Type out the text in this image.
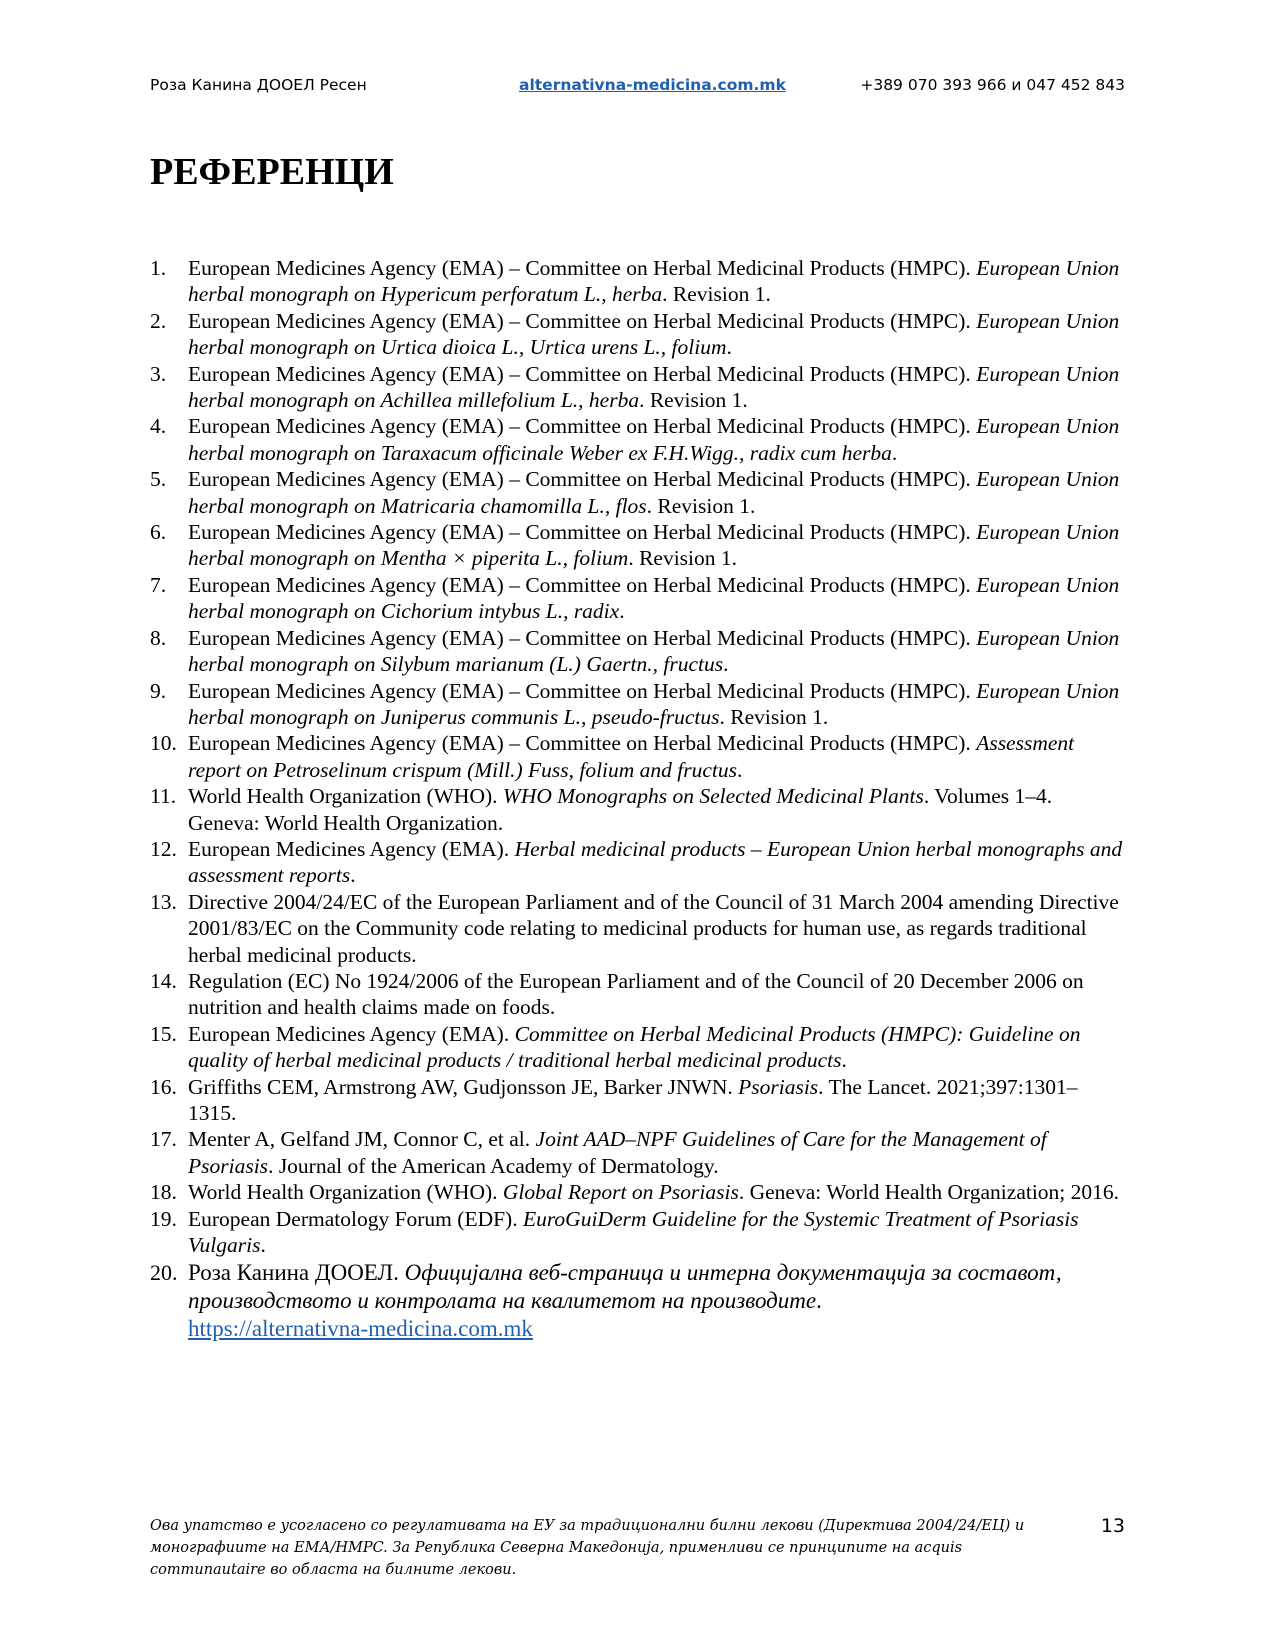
Роза Канина ДООЕЛ Ресен	alternativna-medicina.com.mk	+389 070 393 966 и 047 452 843
РЕФЕРЕНЦИ
1. European Medicines Agency (EMA) – Committee on Herbal Medicinal Products (HMPC). European Union herbal monograph on Hypericum perforatum L., herba. Revision 1.
2. European Medicines Agency (EMA) – Committee on Herbal Medicinal Products (HMPC). European Union herbal monograph on Urtica dioica L., Urtica urens L., folium.
3. European Medicines Agency (EMA) – Committee on Herbal Medicinal Products (HMPC). European Union herbal monograph on Achillea millefolium L., herba. Revision 1.
4. European Medicines Agency (EMA) – Committee on Herbal Medicinal Products (HMPC). European Union herbal monograph on Taraxacum officinale Weber ex F.H.Wigg., radix cum herba.
5. European Medicines Agency (EMA) – Committee on Herbal Medicinal Products (HMPC). European Union herbal monograph on Matricaria chamomilla L., flos. Revision 1.
6. European Medicines Agency (EMA) – Committee on Herbal Medicinal Products (HMPC). European Union herbal monograph on Mentha × piperita L., folium. Revision 1.
7. European Medicines Agency (EMA) – Committee on Herbal Medicinal Products (HMPC). European Union herbal monograph on Cichorium intybus L., radix.
8. European Medicines Agency (EMA) – Committee on Herbal Medicinal Products (HMPC). European Union herbal monograph on Silybum marianum (L.) Gaertn., fructus.
9. European Medicines Agency (EMA) – Committee on Herbal Medicinal Products (HMPC). European Union herbal monograph on Juniperus communis L., pseudo-fructus. Revision 1.
10. European Medicines Agency (EMA) – Committee on Herbal Medicinal Products (HMPC). Assessment report on Petroselinum crispum (Mill.) Fuss, folium and fructus.
11. World Health Organization (WHO). WHO Monographs on Selected Medicinal Plants. Volumes 1–4. Geneva: World Health Organization.
12. European Medicines Agency (EMA). Herbal medicinal products – European Union herbal monographs and assessment reports.
13. Directive 2004/24/EC of the European Parliament and of the Council of 31 March 2004 amending Directive 2001/83/EC on the Community code relating to medicinal products for human use, as regards traditional herbal medicinal products.
14. Regulation (EC) No 1924/2006 of the European Parliament and of the Council of 20 December 2006 on nutrition and health claims made on foods.
15. European Medicines Agency (EMA). Committee on Herbal Medicinal Products (HMPC): Guideline on quality of herbal medicinal products / traditional herbal medicinal products.
16. Griffiths CEM, Armstrong AW, Gudjonsson JE, Barker JNWN. Psoriasis. The Lancet. 2021;397:1301–1315.
17. Menter A, Gelfand JM, Connor C, et al. Joint AAD–NPF Guidelines of Care for the Management of Psoriasis. Journal of the American Academy of Dermatology.
18. World Health Organization (WHO). Global Report on Psoriasis. Geneva: World Health Organization; 2016.
19. European Dermatology Forum (EDF). EuroGuiDerm Guideline for the Systemic Treatment of Psoriasis Vulgaris.
20. Роза Канина ДООЕЛ. Официјална веб-страница и интерна документација за составот, производството и контролата на квалитетот на производите.
https://alternativna-medicina.com.mk
Ова упатство е усогласено со регулативата на ЕУ за традиционални билни лекови (Директива 2004/24/ЕЦ) и монографиите на ЕМА/HMPC. За Република Северна Македонија, применливи се принципите на acquis communautaire во областа на билните лекови.
13
